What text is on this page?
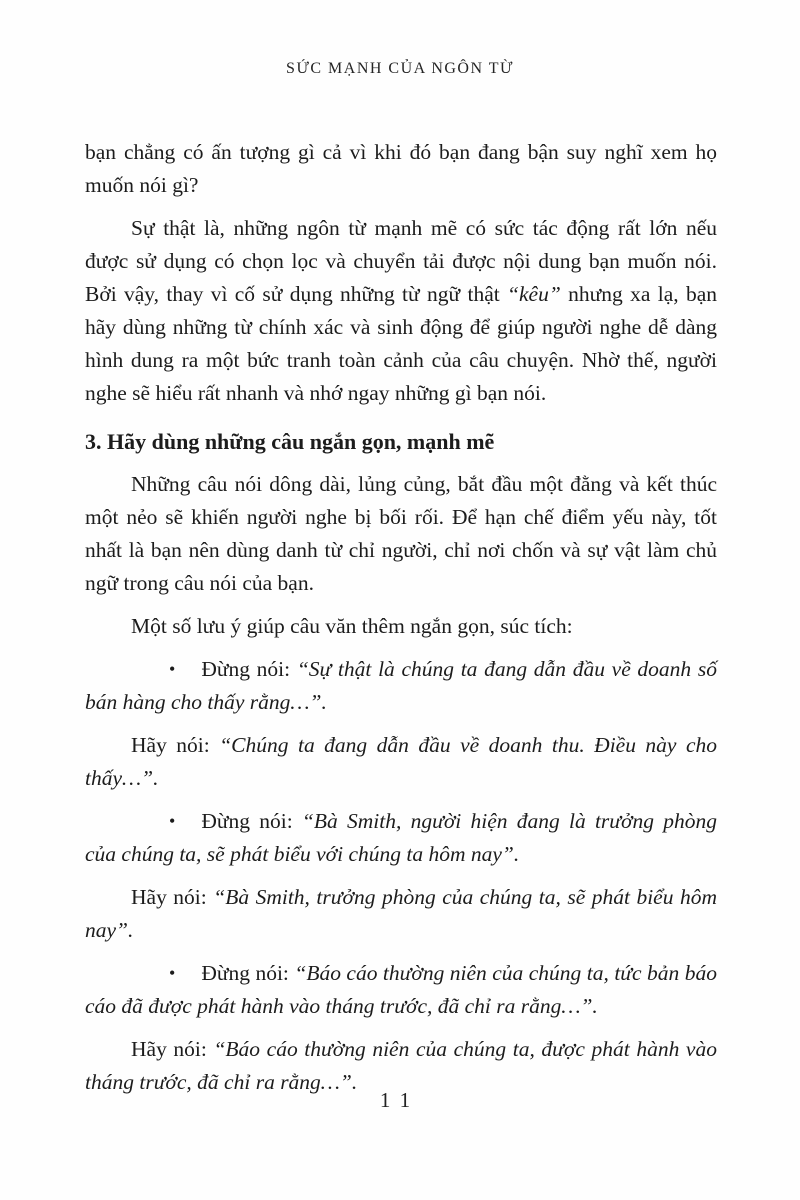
SỨC MẠNH CỦA NGÔN TỪ

bạn chẳng có ấn tượng gì cả vì khi đó bạn đang bận suy nghĩ xem họ muốn nói gì?

Sự thật là, những ngôn từ mạnh mẽ có sức tác động rất lớn nếu được sử dụng có chọn lọc và chuyển tải được nội dung bạn muốn nói. Bởi vậy, thay vì cố sử dụng những từ ngữ thật “kêu” nhưng xa lạ, bạn hãy dùng những từ chính xác và sinh động để giúp người nghe dễ dàng hình dung ra một bức tranh toàn cảnh của câu chuyện. Nhờ thế, người nghe sẽ hiểu rất nhanh và nhớ ngay những gì bạn nói.

3. Hãy dùng những câu ngắn gọn, mạnh mẽ

Những câu nói dông dài, lủng củng, bắt đầu một đằng và kết thúc một nẻo sẽ khiến người nghe bị bối rối. Để hạn chế điểm yếu này, tốt nhất là bạn nên dùng danh từ chỉ người, chỉ nơi chốn và sự vật làm chủ ngữ trong câu nói của bạn.

Một số lưu ý giúp câu văn thêm ngắn gọn, súc tích:

• Đừng nói: “Sự thật là chúng ta đang dẫn đầu về doanh số bán hàng cho thấy rằng…”.

Hãy nói: “Chúng ta đang dẫn đầu về doanh thu. Điều này cho thấy…”.

• Đừng nói: “Bà Smith, người hiện đang là trưởng phòng của chúng ta, sẽ phát biểu với chúng ta hôm nay”.

Hãy nói: “Bà Smith, trưởng phòng của chúng ta, sẽ phát biểu hôm nay”.

• Đừng nói: “Báo cáo thường niên của chúng ta, tức bản báo cáo đã được phát hành vào tháng trước, đã chỉ ra rằng…”.

Hãy nói: “Báo cáo thường niên của chúng ta, được phát hành vào tháng trước, đã chỉ ra rằng…”.

11
